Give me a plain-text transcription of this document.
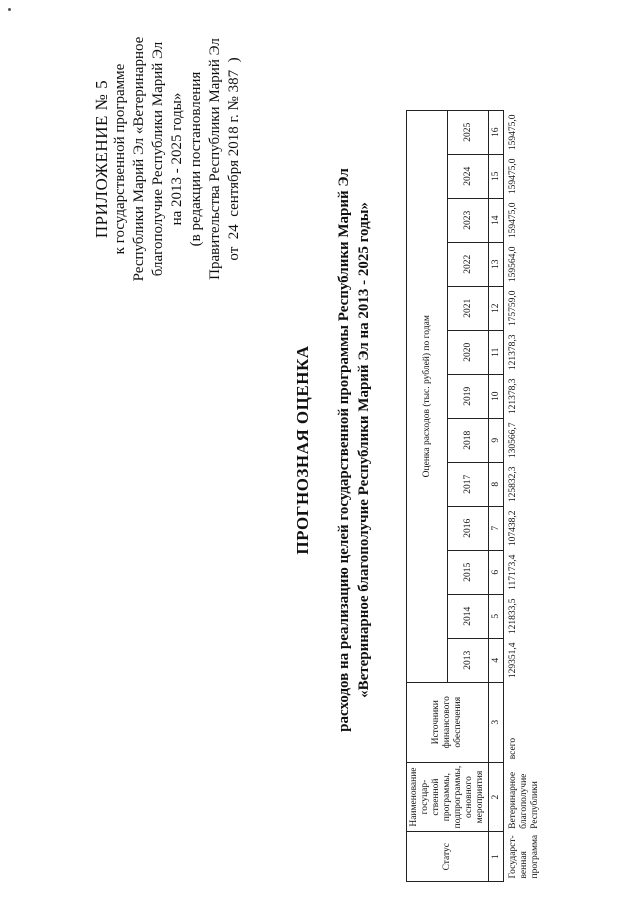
ПРИЛОЖЕНИЕ № 5 к государственной программе Республики Марий Эл «Ветеринарное благополучие Республики Марий Эл на 2013 - 2025 годы» (в редакции постановления Правительства Республики Марий Эл от  24  сентября 2018 г. № 387  )
ПРОГНОЗНАЯ ОЦЕНКА расходов на реализацию целей государственной программы Республики Марий Эл «Ветеринарное благополучие Республики Марий Эл на 2013 - 2025 годы»
Статус	Наименование госуцар-ственной программы, подпрограммы, основного мероприятия	Источники финансового обеспечения	Оценка расходов (тыс. рублей) по годам												
			2013	2014	2015	2016	2017	2018	2019	2020	2021	2022	2023	2024	2025
1	2	3	4	5	6	7	8	9	10	11	12	13	14	15	16
Государст-венная программа	Ветеринарное благополучие Республики	всего	129351,4	121833,5	117173,4	107438,2	125832,3	130566,7	121378,3	121378,3	175759,0	159564,0	159475,0	159475,0	159475,0
